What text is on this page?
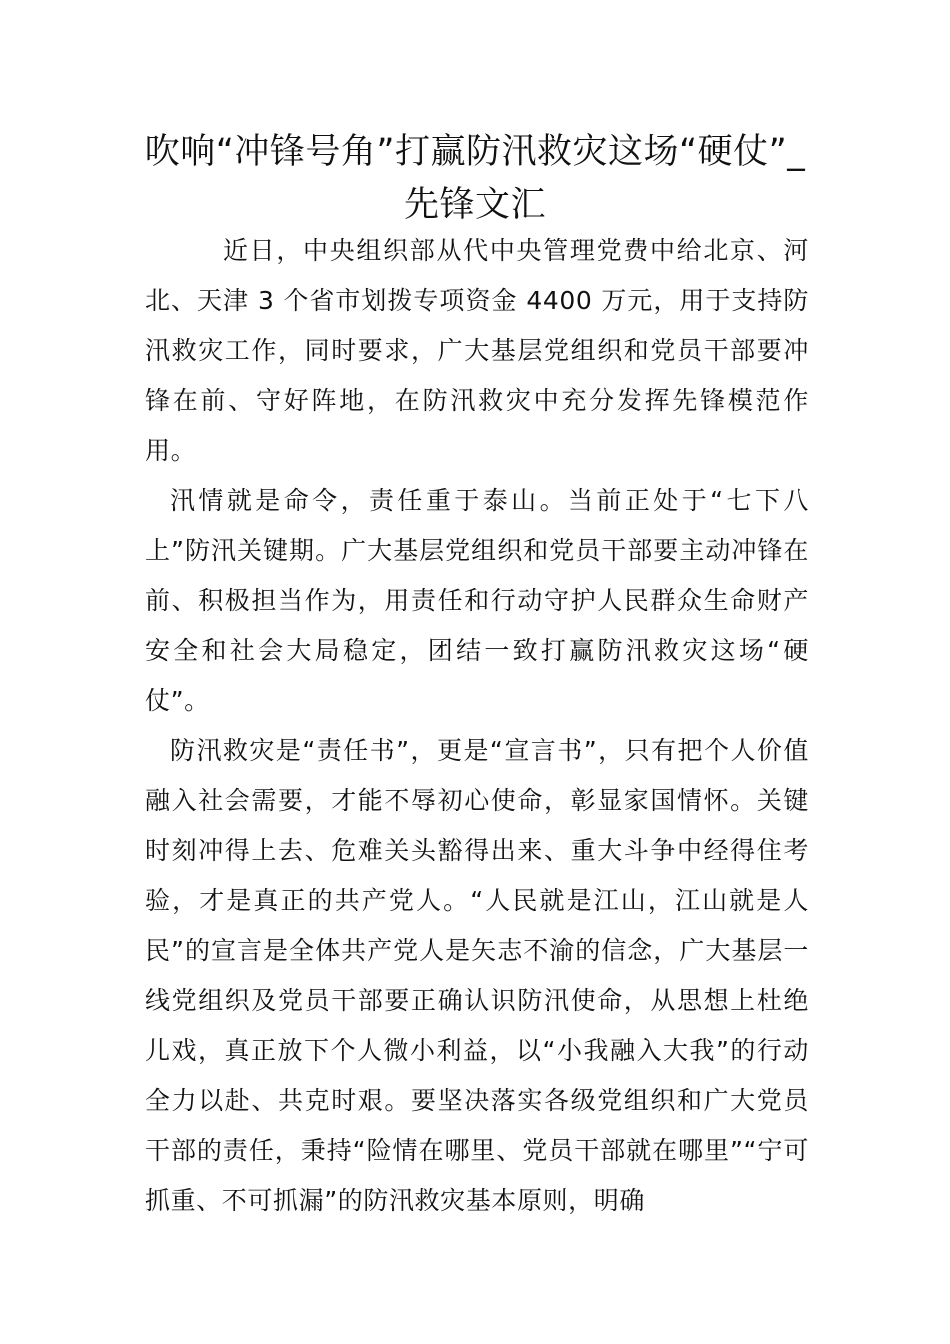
吹响“冲锋号角”打赢防汛救灾这场“硬仗”_先锋文汇

近日，中央组织部从代中央管理党费中给北京、河北、天津 3 个省市划拨专项资金 4400 万元，用于支持防汛救灾工作，同时要求，广大基层党组织和党员干部要冲锋在前、守好阵地，在防汛救灾中充分发挥先锋模范作用。

汛情就是命令，责任重于泰山。当前正处于“七下八上”防汛关键期。广大基层党组织和党员干部要主动冲锋在前、积极担当作为，用责任和行动守护人民群众生命财产安全和社会大局稳定，团结一致打赢防汛救灾这场“硬仗”。

防汛救灾是“责任书”，更是“宣言书”，只有把个人价值融入社会需要，才能不辱初心使命，彰显家国情怀。关键时刻冲得上去、危难关头豁得出来、重大斗争中经得住考验，才是真正的共产党人。“人民就是江山，江山就是人民”的宣言是全体共产党人是矢志不渝的信念，广大基层一线党组织及党员干部要正确认识防汛使命，从思想上杜绝儿戏，真正放下个人微小利益，以“小我融入大我”的行动全力以赴、共克时艰。要坚决落实各级党组织和广大党员干部的责任，秉持“险情在哪里、党员干部就在哪里”“宁可抓重、不可抓漏”的防汛救灾基本原则，明确
